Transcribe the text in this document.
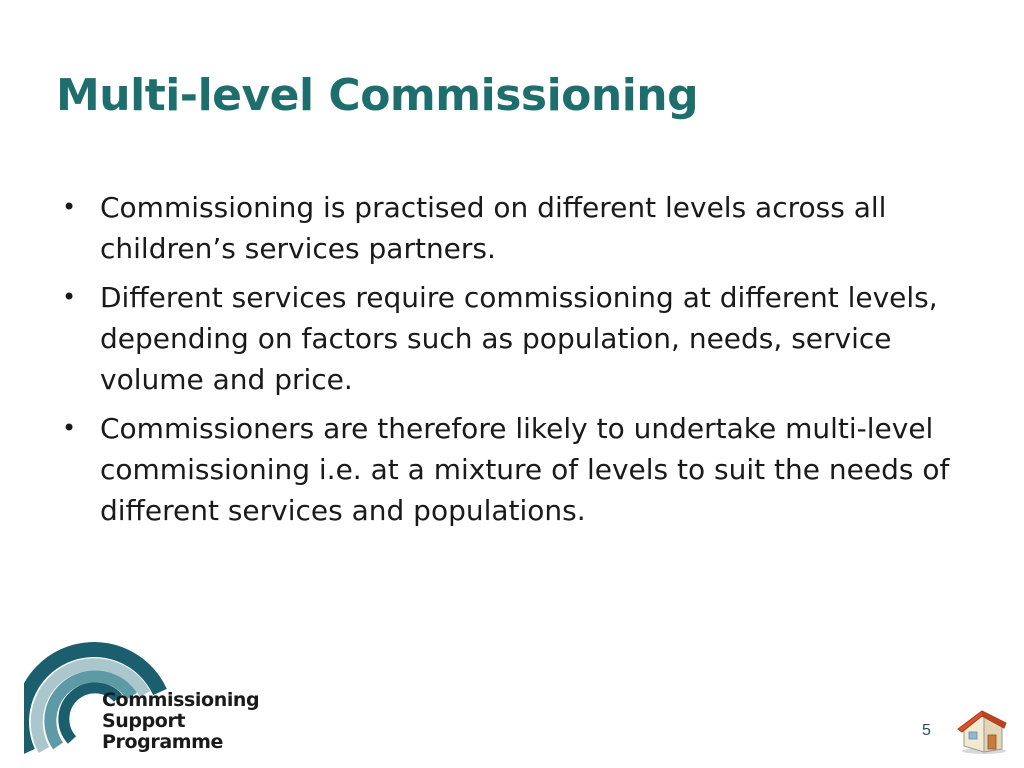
Multi-level Commissioning
• Commissioning is practised on different levels across all children’s services partners.
• Different services require commissioning at different levels, depending on factors such as population, needs, service volume and price.
• Commissioners are therefore likely to undertake multi-level commissioning i.e. at a mixture of levels to suit the needs of different services and populations.
Commissioning
Support
Programme
5
